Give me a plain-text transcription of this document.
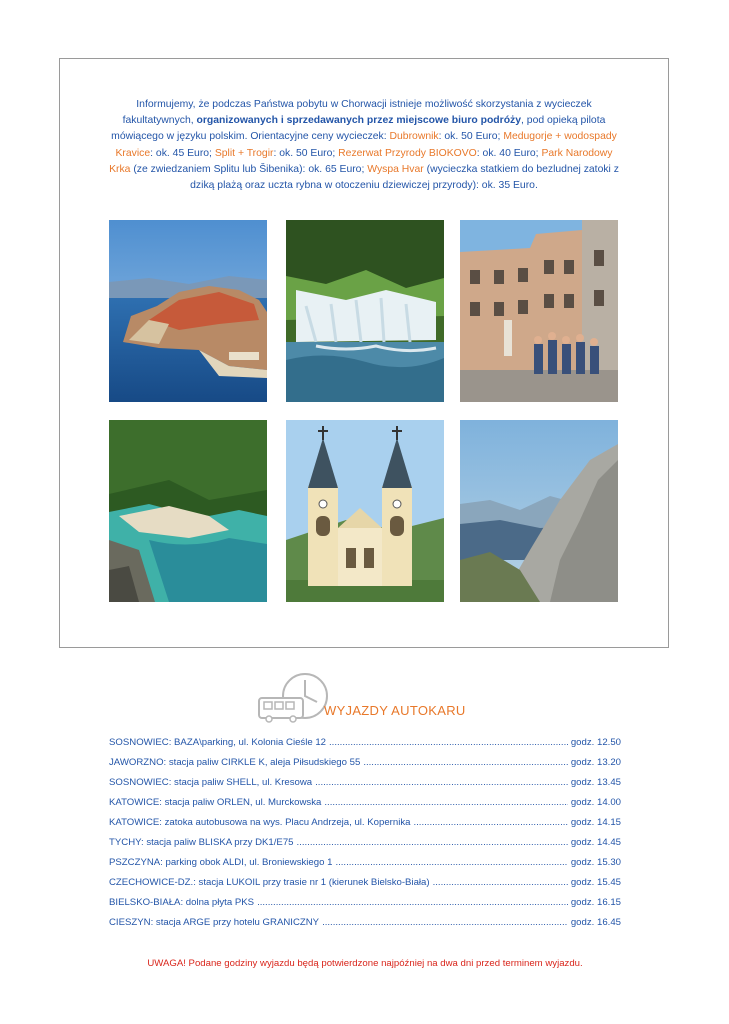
Informujemy, że podczas Państwa pobytu w Chorwacji istnieje możliwość skorzystania z wycieczek fakultatywnych, organizowanych i sprzedawanych przez miejscowe biuro podróży, pod opieką pilota mówiącego w języku polskim. Orientacyjne ceny wycieczek: Dubrownik: ok. 50 Euro; Medugorje + wodospady Kravice: ok. 45 Euro; Split + Trogir: ok. 50 Euro; Rezerwat Przyrody BIOKOVO: ok. 40 Euro; Park Narodowy Krka (ze zwiedzaniem Splitu lub Šibenika): ok. 65 Euro; Wyspa Hvar (wycieczka statkiem do bezludnej zatoki z dziką plażą oraz uczta rybna w otoczeniu dziewiczej przyrody): ok. 35 Euro.
WYJAZDY AUTOKARU
SOSNOWIEC: BAZA\parking, ul. Kolonia Cieśle 12 .....	godz. 12.50
JAWORZNO: stacja paliw CIRKLE K, aleja Piłsudskiego 55 .....	godz. 13.20
SOSNOWIEC: stacja paliw SHELL, ul. Kresowa .....	godz. 13.45
KATOWICE: stacja paliw ORLEN, ul. Murckowska .....	godz. 14.00
KATOWICE: zatoka autobusowa na wys. Placu Andrzeja, ul. Kopernika .....	godz. 14.15
TYCHY: stacja paliw BLISKA przy DK1/E75 .....	godz. 14.45
PSZCZYNA: parking obok ALDI, ul. Broniewskiego 1 .....	godz. 15.30
CZECHOWICE-DZ.: stacja LUKOIL przy trasie nr 1 (kierunek Bielsko-Biała) .....	godz. 15.45
BIELSKO-BIAŁA: dolna płyta PKS .....	godz. 16.15
CIESZYN: stacja ARGE przy hotelu GRANICZNY .....	godz. 16.45
UWAGA! Podane godziny wyjazdu będą potwierdzone najpóźniej na dwa dni przed terminem wyjazdu.
